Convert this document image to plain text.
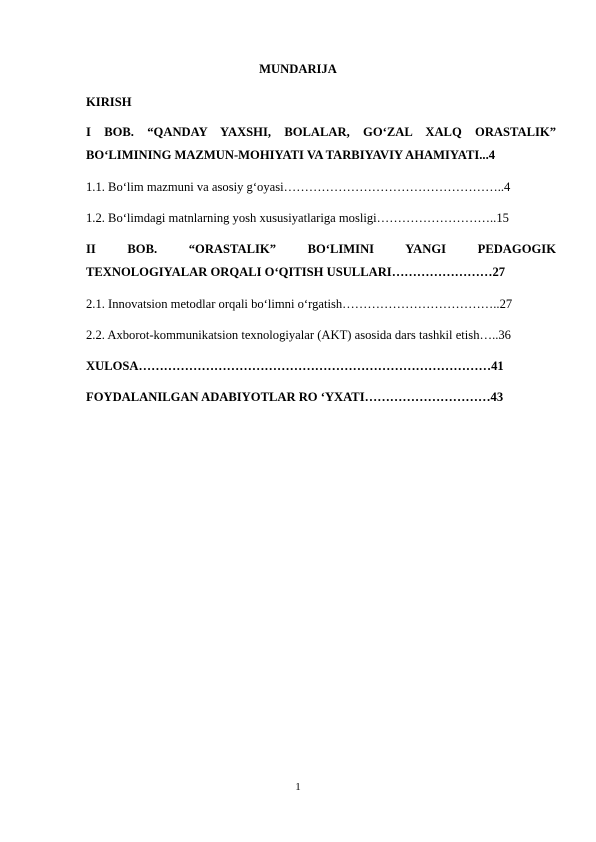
MUNDARIJA

KIRISH

I BOB. “QANDAY YAXSHI, BOLALAR, GO‘ZAL XALQ ORASTALIK”

BO‘LIMINING MAZMUN-MOHIYATI VA TARBIYAVIY AHAMIYATI...4

1.1. Bo‘lim mazmuni va asosiy g‘oyasi……………………………………………..4

1.2. Bo‘limdagi matnlarning yosh xususiyatlariga mosligi………………………..15

II BOB. “ORASTALIK” BO‘LIMINI YANGI PEDAGOGIK

TEXNOLOGIYALAR ORQALI O‘QITISH USULLARI……………………27

2.1. Innovatsion metodlar orqali bo‘limni o‘rgatish………………………………..27

2.2. Axborot-kommunikatsion texnologiyalar (AKT) asosida dars tashkil etish…..36

XULOSA…………………………………………………………………………41

FOYDALANILGAN ADABIYOTLAR RO ‘YXATI…………………………43

1
